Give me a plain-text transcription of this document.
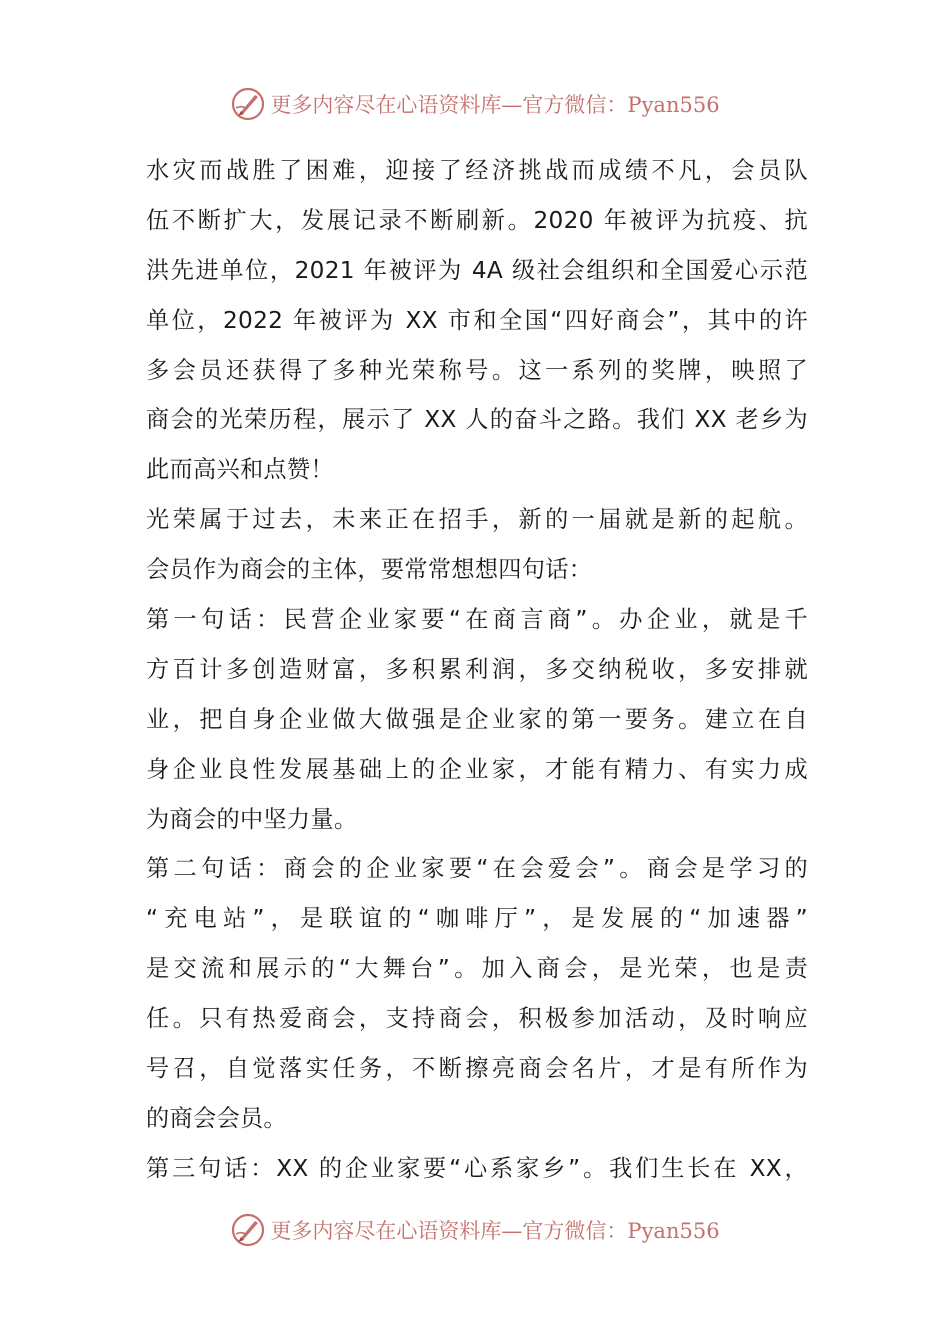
更多内容尽在心语资料库—官方微信：Pyan556
水灾而战胜了困难，迎接了经济挑战而成绩不凡，会员队
伍不断扩大，发展记录不断刷新。2020 年被评为抗疫、抗
洪先进单位，2021 年被评为 4A 级社会组织和全国爱心示范
单位，2022 年被评为 XX 市和全国“四好商会”，其中的许
多会员还获得了多种光荣称号。这一系列的奖牌，映照了
商会的光荣历程，展示了 XX 人的奋斗之路。我们 XX 老乡为
此而高兴和点赞！
光荣属于过去，未来正在招手，新的一届就是新的起航。
会员作为商会的主体，要常常想想四句话：
第一句话：民营企业家要“在商言商”。办企业，就是千
方百计多创造财富，多积累利润，多交纳税收，多安排就
业，把自身企业做大做强是企业家的第一要务。建立在自
身企业良性发展基础上的企业家，才能有精力、有实力成
为商会的中坚力量。
第二句话：商会的企业家要“在会爱会”。商会是学习的
“充电站”，是联谊的“咖啡厅”，是发展的“加速器”
是交流和展示的“大舞台”。加入商会，是光荣，也是责
任。只有热爱商会，支持商会，积极参加活动，及时响应
号召，自觉落实任务，不断擦亮商会名片，才是有所作为
的商会会员。
第三句话：XX 的企业家要“心系家乡”。我们生长在 XX，
更多内容尽在心语资料库—官方微信：Pyan556
